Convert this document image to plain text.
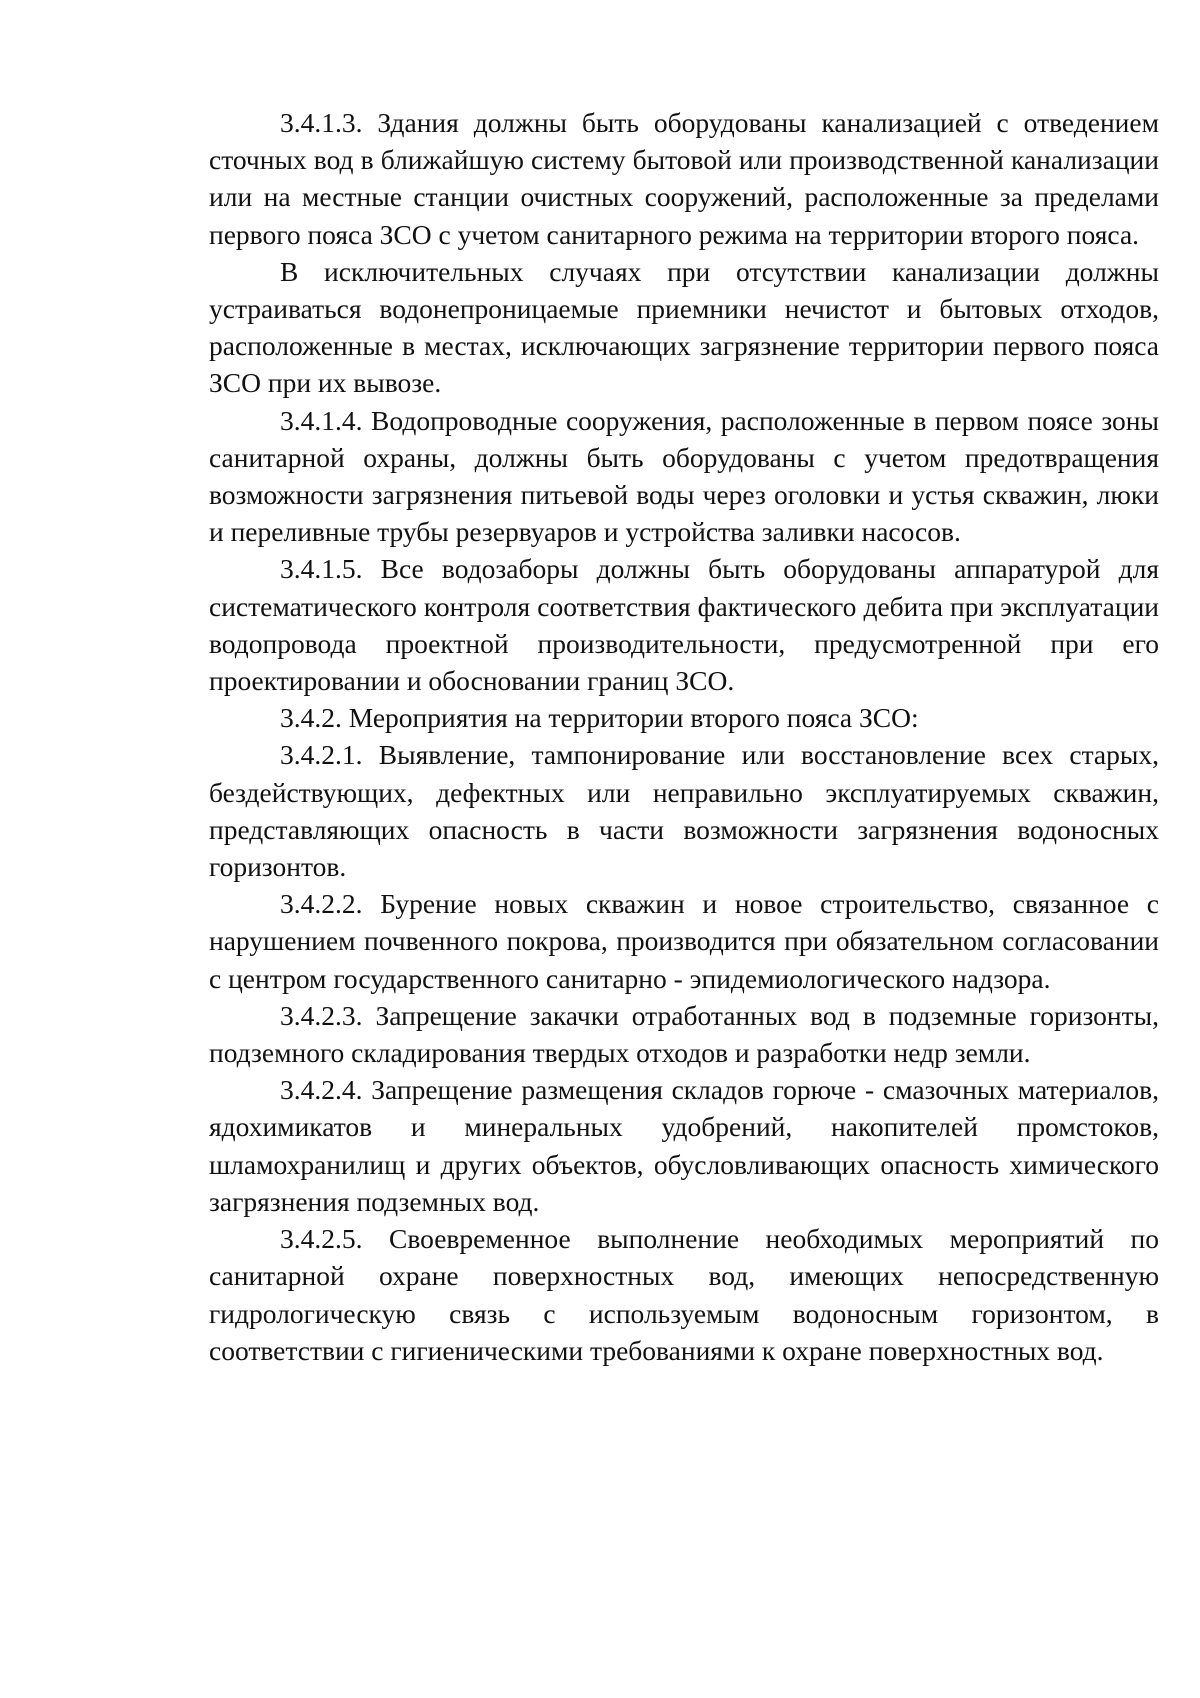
3.4.1.3. Здания должны быть оборудованы канализацией с отведением сточных вод в ближайшую систему бытовой или производственной канализации или на местные станции очистных сооружений, расположенные за пределами первого пояса ЗСО с учетом санитарного режима на территории второго пояса.

В исключительных случаях при отсутствии канализации должны устраиваться водонепроницаемые приемники нечистот и бытовых отходов, расположенные в местах, исключающих загрязнение территории первого пояса ЗСО при их вывозе.

3.4.1.4. Водопроводные сооружения, расположенные в первом поясе зоны санитарной охраны, должны быть оборудованы с учетом предотвращения возможности загрязнения питьевой воды через оголовки и устья скважин, люки и переливные трубы резервуаров и устройства заливки насосов.

3.4.1.5. Все водозаборы должны быть оборудованы аппаратурой для систематического контроля соответствия фактического дебита при эксплуатации водопровода проектной производительности, предусмотренной при его проектировании и обосновании границ ЗСО.

3.4.2. Мероприятия на территории второго пояса ЗСО:

3.4.2.1. Выявление, тампонирование или восстановление всех старых, бездействующих, дефектных или неправильно эксплуатируемых скважин, представляющих опасность в части возможности загрязнения водоносных горизонтов.

3.4.2.2. Бурение новых скважин и новое строительство, связанное с нарушением почвенного покрова, производится при обязательном согласовании с центром государственного санитарно - эпидемиологического надзора.

3.4.2.3. Запрещение закачки отработанных вод в подземные горизонты, подземного складирования твердых отходов и разработки недр земли.

3.4.2.4. Запрещение размещения складов горюче - смазочных материалов, ядохимикатов и минеральных удобрений, накопителей промстоков, шламохранилищ и других объектов, обусловливающих опасность химического загрязнения подземных вод.

3.4.2.5. Своевременное выполнение необходимых мероприятий по санитарной охране поверхностных вод, имеющих непосредственную гидрологическую связь с используемым водоносным горизонтом, в соответствии с гигиеническими требованиями к охране поверхностных вод.
